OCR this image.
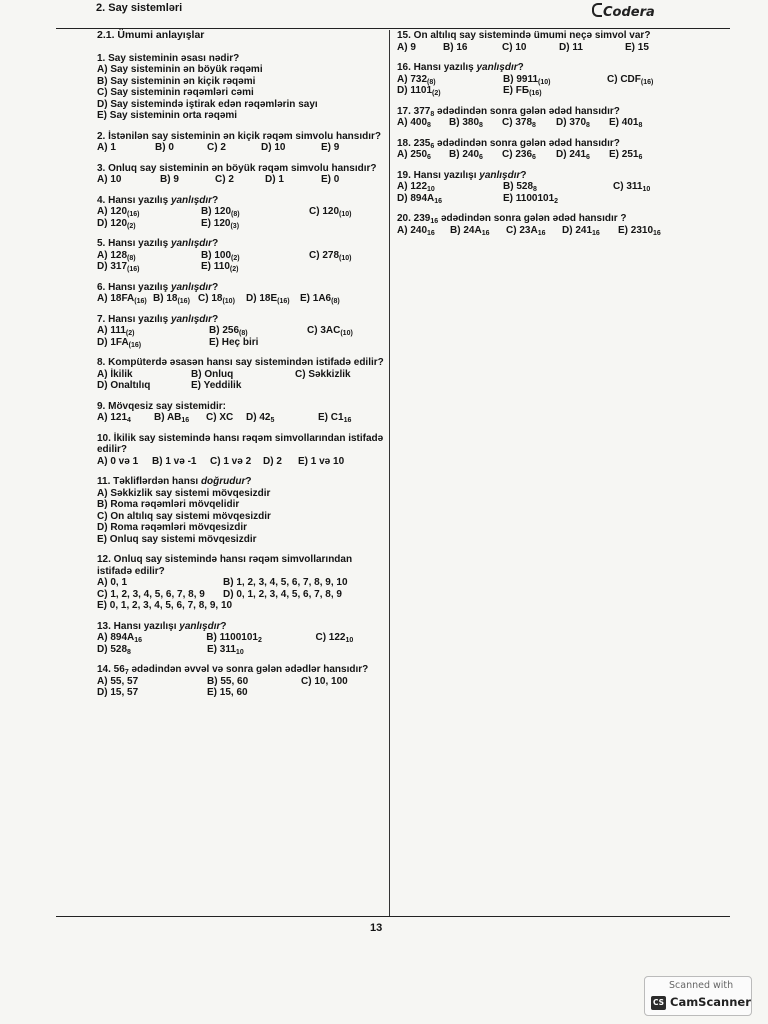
2. Say sistemləri	Codera
2.1. Ümumi anlayışlar
1. Say sisteminin əsası nədir?
A) Say sisteminin ən böyük rəqəmi
B) Say sisteminin ən kiçik rəqəmi
C) Say sisteminin rəqəmləri cəmi
D) Say sistemində iştirak edən rəqəmlərin sayı
E) Say sisteminin orta rəqəmi
2. İstənilən say sisteminin ən kiçik rəqəm simvolu hansıdır?
A) 1	B) 0	C) 2	D) 10	E) 9
3. Onluq say sisteminin ən böyük rəqəm simvolu hansıdır?
A) 10	B) 9	C) 2	D) 1	E) 0
4. Hansı yazılış yanlışdır?
A) $120_{(16)}$	B) $120_{(8)}$	C) $120_{(10)}$
D) $120_{(2)}$	E) $120_{(3)}$
5. Hansı yazılış yanlışdır?
A) $128_{(8)}$	B) $100_{(2)}$	C) $278_{(10)}$
D) $317_{(16)}$	E) $110_{(2)}$
6. Hansı yazılış yanlışdır?
A) $18FA_{(16)}$ B) $18_{(16)}$ C) $18_{(10)}$	D) $18E_{(16)}$	E) $1A6_{(8)}$
7. Hansı yazılış yanlışdır?
A) $111_{(2)}$	B) $256_{(8)}$	C) $3AC_{(10)}$
D) $1FA_{(16)}$	E) Heç biri
8. Kompüterdə əsasən hansı say sistemindən istifadə edilir?
A) İkilik	B) Onluq	C) Səkkizlik
D) Onaltılıq	E) Yeddilik
9. Mövqesiz say sistemidir:
A) $121_4$	B) $AB_{16}$	C) XC	D) $42_5$	E) $C1_{16}$
10. İkilik say sistemində hansı rəqəm simvollarından istifadə edilir?
A) 0 və 1	B) 1 və -1	C) 1 və 2	D) 2	E) 1 və 10
11. Təkliflərdən hansı doğrudur?
A) Səkkizlik say sistemi mövqesizdir
B) Roma rəqəmləri mövqelidir
C) On altılıq say sistemi mövqesizdir
D) Roma rəqəmləri mövqesizdir
E) Onluq say sistemi mövqesizdir
12. Onluq say sistemində hansı rəqəm simvollarından istifadə edilir?
A) 0, 1	B) 1, 2, 3, 4, 5, 6, 7, 8, 9, 10
C) 1, 2, 3, 4, 5, 6, 7, 8, 9	D) 0, 1, 2, 3, 4, 5, 6, 7, 8, 9
E) 0, 1, 2, 3, 4, 5, 6, 7, 8, 9, 10
13. Hansı yazılışı yanlışdır?
A) $894A_{16}$	B) $1100101_2$	C) $122_{10}$
D) $528_8$	E) $311_{10}$
14. $56_7$ ədədindən əvvəl və sonra gələn ədədlər hansıdır?
A) 55, 57	B) 55, 60	C) 10, 100
D) 15, 57	E) 15, 60
15. On altılıq say sistemində ümumi neçə simvol var?
A) 9	B) 16	C) 10	D) 11	E) 15
16. Hansı yazılış yanlışdır?
A) $732_{(8)}$	B) $9911_{(10)}$	C) $CDF_{(16)}$
D) $1101_{(2)}$	E) $FБ_{(16)}$
17. $377_8$ ədədindən sonra gələn ədəd hansıdır?
A) $400_8$	B) $380_8$	C) $378_8$	D) $370_8$	E) $401_8$
18. $235_6$ ədədindən sonra gələn ədəd hansıdır?
A) $250_6$	B) $240_6$	C) $236_6$	D) $241_6$	E) $251_6$
19. Hansı yazılışı yanlışdır?
A) $122_{10}$	B) $528_8$	C) $311_{10}$
D) $894A_{16}$	E) $1100101_2$
20. $239_{16}$ ədədindən sonra gələn ədəd hansıdır ?
A) $240_{16}$	B) $24A_{16}$	C) $23A_{16}$	D) $241_{16}$	E) $2310_{16}$
13
Scanned with
CS CamScanner
